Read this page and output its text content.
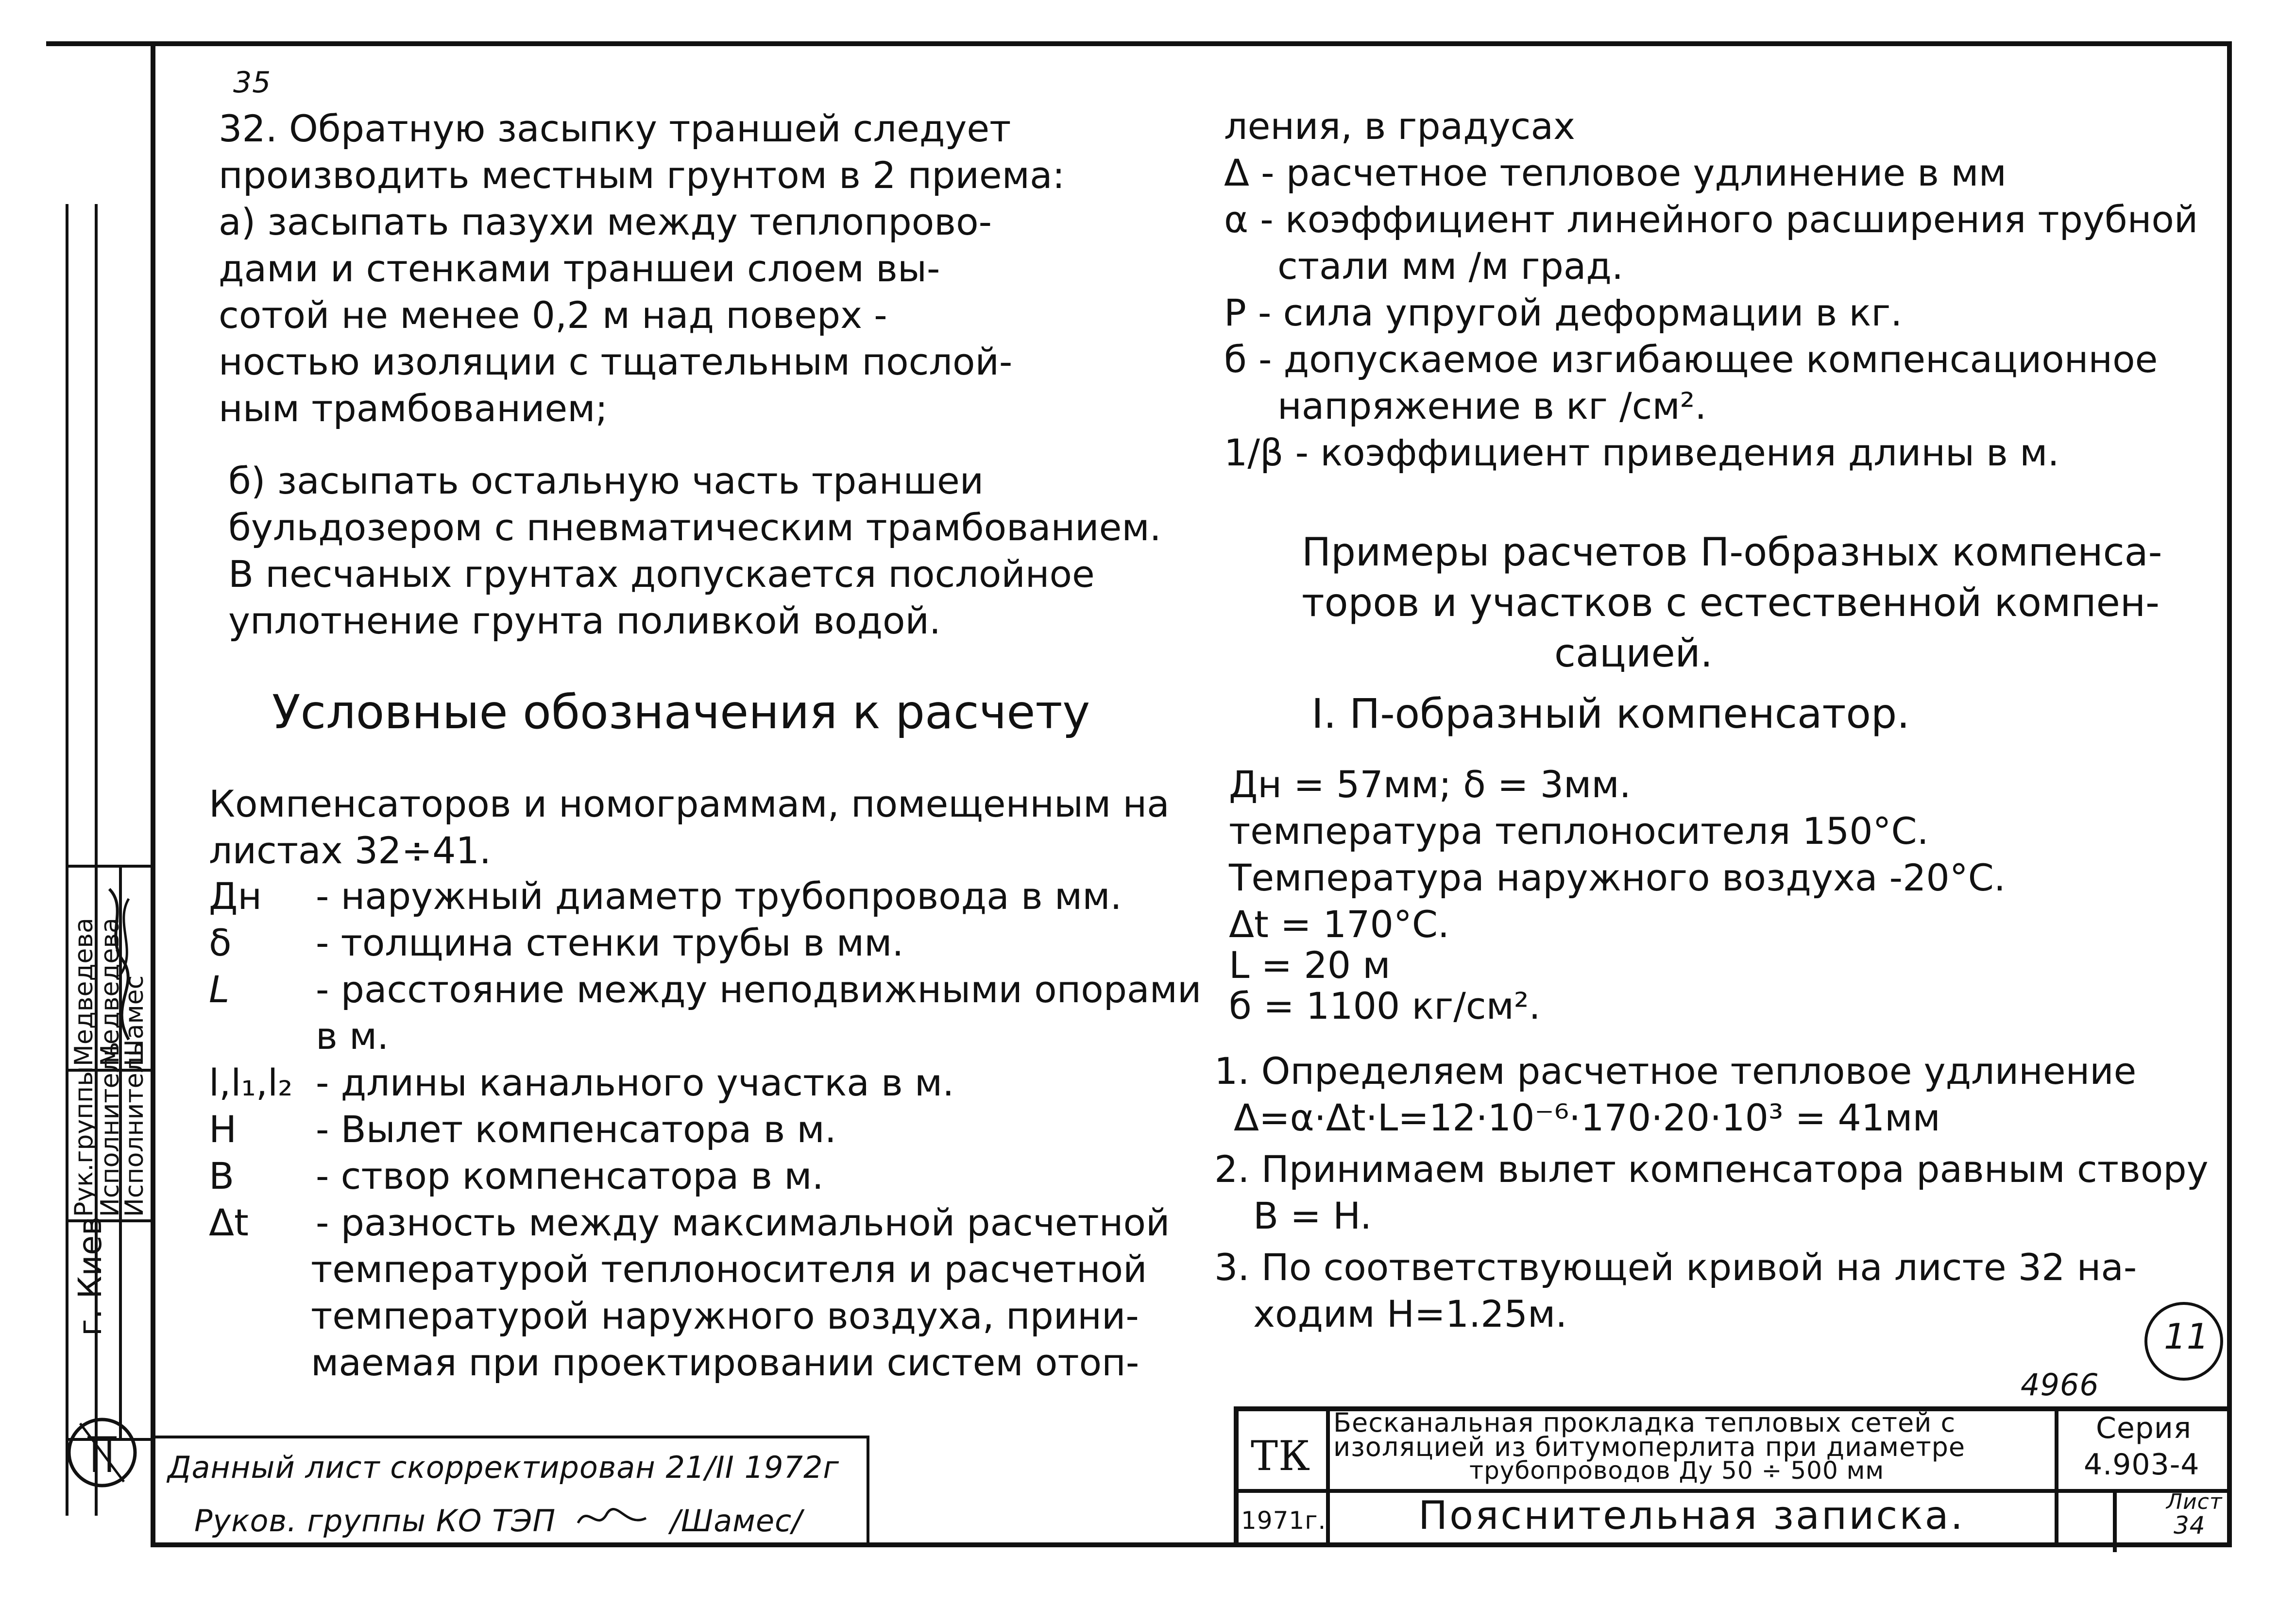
Рук.группы
Исполнитель
Исполнитель
Медведева
Медведева
Шамес
г. Киев
35
32. Обратную засыпку траншей следует
производить местным грунтом в 2 приема:
а) засыпать пазухи между теплопрово-
дами и стенками траншеи слоем вы-
сотой не менее 0,2 м над поверх -
ностью изоляции с тщательным послой-
ным трамбованием;
б) засыпать остальную часть траншеи
бульдозером с пневматическим трамбованием.
В песчаных грунтах допускается послойное
уплотнение грунта поливкой водой.
Условные обозначения к расчету
Компенсаторов и номограммам, помещенным на
листах 32÷41.
Дн - наружный диаметр трубопровода в мм.
δ - толщина стенки трубы в мм.
L - расстояние между неподвижными опорами
в м.
l,l₁,l₂ - длины канального участка в м.
H - Вылет компенсатора в м.
B - створ компенсатора в м.
Δt - разность между максимальной расчетной
температурой теплоносителя и расчетной
температурой наружного воздуха, прини-
маемая при проектировании систем отоп-
Данный лист скорректирован 21/II 1972г
Руков. группы КО ТЭП	/Шамес/
ления, в градусах
Δ - расчетное тепловое удлинение в мм
α - коэффициент линейного расширения трубной
стали мм /м град.
Р - сила упругой деформации в кг.
б - допускаемое изгибающее компенсационное
напряжение в кг /см².
1/β - коэффициент приведения длины в м.
Примеры расчетов П-образных компенса-
торов и участков с естественной компен-
сацией.
I. П-образный компенсатор.
Дн = 57мм; δ = 3мм.
температура теплоносителя 150°С.
Температура наружного воздуха -20°С.
Δt = 170°С.
L = 20 м
б = 1100 кг/см².
1. Определяем расчетное тепловое удлинение
Δ=α·Δt·L=12·10⁻⁶·170·20·10³ = 41мм
2. Принимаем вылет компенсатора равным створу
B = H.
3. По соответствующей кривой на листе 32 на-
ходим H=1.25м.
11
4966
ТК
Бесканальная прокладка тепловых сетей с
изоляцией из битумоперлита при диаметре
трубопроводов Ду 50 ÷ 500 мм
Серия
4.903-4
1971г. Пояснительная записка.	Лист
34
